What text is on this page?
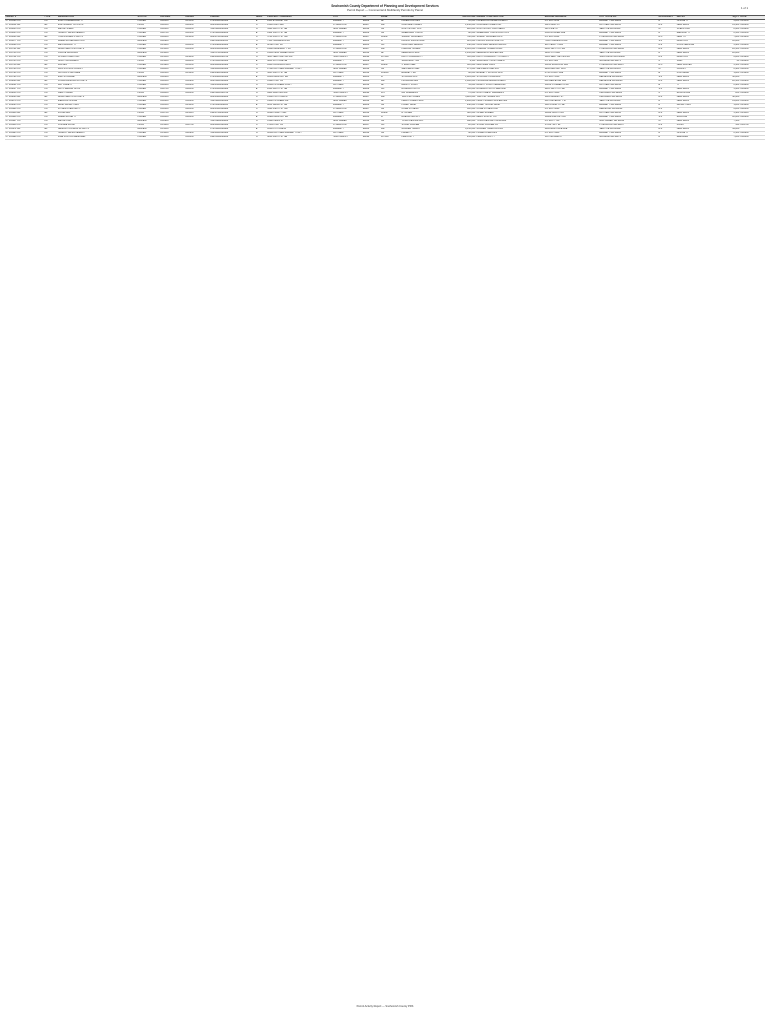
Snohomish County Department of Planning and Development Services
Permit Report — Commercial & Multifamily Permits by Parcel
1 of 1
PERMIT #	TYPE	DESCRIPTION	STATUS	APPLIED	ISSUED	PARCEL	AREA	PROPERTY ADDRESS	CITY	ZIP	ZONE	APPLICANT	VALUATION	OWNER / CONTRACTOR	MAILING ADDRESS	CITY STATE ZIP	OCCUPANCY	NOTES	SQ FT	DATE
07 101598 CO	CO	MISC COMMERCIAL TI	ISSUED	02/04/07	03/15/07	27050400100100	E	2930 E VALLEY RD	EVERETT	98208	BP	LAKEWOOD DEV	65,000	LAKEWOOD DEVELOPMENT	PO BOX 1120	EVERETT WA 98206	B	OFFICE TI	3,200	03/15/07
07 101612 MF	MF	MULTIFAMILY 12 UNITS	FINAL	02/05/07	04/02/07	28052200300400	S	15610 ASH WAY	LYNNWOOD	98087	MR	CASCADE HOMES	1,240,000	CASCADE HOMES INC	1815 MAIN ST	BOTHELL WA 98011	R-2	NEW BLDG	14,400	04/02/07
07 101633 CO	CO	RETAIL SHELL	ISSUED	02/06/07	03/28/07	31051800200300	N	4120 128TH ST SE	MILL CREEK	98012	CB	NORTHPOINT LLC	420,000	NORTHPOINT PARTNERS	520 PIKE ST	SEATTLE WA 98101	M	SHELL ONLY	8,600	03/28/07
07 101645 CO	CO	TENANT IMPROVEMENT	ISSUED	02/07/07	03/01/07	27051000400200	E	1902 100TH ST SE	EVERETT	98208	CB	GREENWAY CONST	88,000	GREENWAY CONSTRUCTION	3300 RUCKER AVE	EVERETT WA 98201	B	MEDICAL TI	2,450	03/01/07
07 101660 MF	MF	TOWNHOMES 6 UNITS	ISSUED	02/08/07	04/10/07	28052700100500	S	3710 164TH ST SW	LYNNWOOD	98087	LDMR	SUMMIT BUILDERS	780,000	SUMMIT BUILDERS LLC	PO BOX 2244	LYNNWOOD WA 98036	R-3	NEW TH	7,800	04/10/07
07 101677 CO	CO	WAREHOUSE ADDITION	REVIEW	02/09/07		29051100300100	N	7300 HARDESON RD	EVERETT	98203	LI	PACIFIC INDUSTRIAL	615,000	PACIFIC INDUSTRIAL CO	7300 HARDESON RD	EVERETT WA 98203	S-1	ADDITION	12,000	
07 101689 CO	CO	RESTAURANT TI	ISSUED	02/12/07	03/20/07	27050900200600	E	11526 HWY 99	EVERETT	98204	GC	ORCHARD DESIGN	142,000	ORCHARD DESIGN GROUP	910 HEWITT AVE	EVERETT WA 98201	A-2	FOOD SERVICE	3,900	03/20/07
07 101701 MF	MF	APARTMENTS 24 UNITS	ISSUED	02/13/07	05/01/07	28052100400300	S	14320 ADMIRALTY WY	LYNNWOOD	98087	MR	HARBOR HOMES	2,310,000	HARBOR HOMES CORP	4400 196TH ST SW	LYNNWOOD WA 98036	R-2	NEW BLDG	26,500	05/01/07
07 101718 CO	CO	OFFICE BUILDING	REVIEW	02/14/07		31051700100200	N	13000 MILL CREEK BLVD	MILL CREEK	98012	BP	MERIDIAN PROP	1,950,000	MERIDIAN PROPERTIES	1200 5TH AVE	SEATTLE WA 98101	B	NEW BLDG	22,000	
07 101732 CO	CO	CHURCH ADDITION	ISSUED	02/15/07	04/18/07	29052600300700	N	5805 SEATTLE HILL RD	SNOHOMISH	98296	R-7200	FAITH COMMUNITY	510,000	FAITH COMMUNITY CHURCH	5805 SEATTLE HILL RD	SNOHOMISH WA 98296	A-3	ADDITION	6,800	04/18/07
07 101745 CO	CO	SIGN - MONUMENT	FINAL	02/16/07	02/28/07	27051500100300	E	9600 19TH AVE SE	EVERETT	98208	CB	SIGNCRAFT NW	9,500	SIGNCRAFT NORTHWEST	PO BOX 880	MONROE WA 98272	U	SIGN	40	02/28/07
07 101759 MF	MF	DUPLEX	ISSUED	02/19/07	03/30/07	28052800200400	S	16815 BOWDOIN WAY	LYNNWOOD	98087	LDMR	J. MARTINEZ	310,000	MARTINEZ JUAN	16815 BOWDOIN WAY	LYNNWOOD WA 98087	R-3	NEW DUPLEX	3,100	03/30/07
07 101766 CO	CO	GAS STATION CANOPY	ISSUED	02/20/07	04/05/07	31052000400100	N	17520 BOTHELL EVERETT HWY	MILL CREEK	98012	CB	WESTERN FUEL	175,000	WESTERN FUEL INC	2200 AIRPORT WAY	SEATTLE WA 98134	M	CANOPY	2,400	04/05/07
07 101780 CO	CO	SCHOOL PORTABLE	FINAL	02/21/07	03/12/07	29052900100200	N	4415 180TH ST SE	BOTHELL	98012	R-9600	EVERETT SD	96,000	EVERETT SCHOOL DIST	4730 COLBY AVE	EVERETT WA 98203	E	PORTABLE	1,800	03/12/07
07 101794 CO	CO	MINI STORAGE	REVIEW	02/22/07		27052200300500	E	10430 AIRPORT RD	EVERETT	98204	LI	STOR-ALL LLC	1,120,000	STOR-ALL HOLDINGS	PO BOX 5510	BELLEVUE WA 98006	S-1	NEW BLDG	32,000	
07 101808 MF	MF	CONDOMINIUMS 18 UNITS	ISSUED	02/23/07	05/09/07	28051600100600	S	13220 HWY 99	EVERETT	98204	MR	PINNACLE DEV	1,860,000	PINNACLE DEVELOPMENT	800 BELLEVUE WAY	BELLEVUE WA 98004	R-2	NEW BLDG	20,100	05/09/07
07 101821 CO	CO	DAY CARE TI	ISSUED	02/26/07	03/22/07	31052100200300	N	16100 N CREEK PKWY	BOTHELL	98012	BP	BRIGHT START	54,000	BRIGHT START LEARNING	16100 N CREEK PKWY	BOTHELL WA 98012	E	TI	2,900	03/22/07
07 101837 CO	CO	AUTO REPAIR SHOP	ISSUED	02/27/07	04/20/07	27050300400400	E	2410 128TH ST SE	EVERETT	98208	GC	ROADWAY AUTO	365,000	ROADWAY AUTO SERVICE	2410 128TH ST SE	EVERETT WA 98208	S-1	NEW BLDG	5,600	04/20/07
07 101850 CO	CO	CELL TOWER	FINAL	02/28/07	03/26/07	29051400100700	N	8900 MACHIAS RD	SNOHOMISH	98290	R-5	NW WIRELESS	72,000	NORTHWEST WIRELESS	PO BOX 3300	KIRKLAND WA 98083	U	MONOPOLE	200	03/26/07
07 101866 MF	MF	APARTMENTS 36 UNITS	REVIEW	03/01/07		28052200400800	S	15020 35TH AVE W	LYNNWOOD	98087	MR	TALL FIR HOMES	3,420,000	TALL FIR HOMES LLC	1010 MARKET ST	KIRKLAND WA 98033	R-2	NEW BLDG	38,600	
07 101879 CO	CO	MEDICAL OFFICE	ISSUED	03/02/07	05/02/07	31051800300100	N	14020 N CREEK DR	MILL CREEK	98012	BP	HEALTHCARE PROP	1,280,000	HEALTHCARE PROPERTIES	600 UNIVERSITY ST	SEATTLE WA 98101	B	NEW BLDG	14,800	05/02/07
07 101893 CO	CO	BANK DRIVE-THRU	ISSUED	03/05/07	04/16/07	27051100100200	E	1110 132ND ST SE	EVERETT	98208	CB	PUGET BANK	240,000	PUGET SOUND BANK	1110 132ND ST SE	EVERETT WA 98208	B	DRIVE-THRU	1,200	04/16/07
07 101904 CO	CO	FITNESS CENTER TI	ISSUED	03/06/07	04/03/07	28052100100900	S	3520 148TH ST SW	LYNNWOOD	98087	CB	CORE FITNESS	118,000	CORE FITNESS INC	PO BOX 6620	REDMOND WA 98052	A-3	TI	6,200	04/03/07
07 101918 MF	MF	FOURPLEX	FINAL	03/07/07	04/11/07	29052700200500	N	18620 NORTH RD	BOTHELL	98012	LDMR	R. OLSEN	520,000	OLSEN ROBERT	18620 NORTH RD	BOTHELL WA 98012	R-2	NEW BLDG	5,400	04/11/07
07 101930 CO	CO	WAREHOUSE TI	ISSUED	03/08/07	04/06/07	27052300400600	E	10900 AIRPORT RD	EVERETT	98204	LI	BOEING SUPPLY	210,000	AERO SUPPLY CO	10900 AIRPORT RD	EVERETT WA 98204	S-1	RACKING	18,000	04/06/07
07 101947 CO	CO	RETAIL PAD	REVIEW	03/09/07		31051900200800	N	15220 MAIN ST	MILL CREEK	98012	CB	TOWN CENTER LLC	690,000	TOWN CENTER HOLDINGS	PO BOX 7700	MILL CREEK WA 98012	M	NEW BLDG	7,500	
07 101958 CO	CO	COFFEE KIOSK	FINAL	03/12/07	03/27/07	28052800100100	S	17030 HWY 99	LYNNWOOD	98037	GC	STAND COFFEE	28,000	STAND COFFEE CO	17030 HWY 99	LYNNWOOD WA 98037	A-2	KIOSK	120	03/27/07
07 101972 MF	MF	SENIOR HOUSING 40 UNITS	REVIEW	03/13/07		27051400300900	E	12305 4TH AVE W	EVERETT	98204	MR	GOLDEN YEARS	4,150,000	GOLDEN YEARS LIVING	2900 EASTLAKE AVE	SEATTLE WA 98102	R-2	NEW BLDG	44,000	
07 101985 CO	CO	TENANT IMPROVEMENT	ISSUED	03/14/07	04/09/07	31052000100400	N	18300 BOTHELL EVERETT HWY	BOTHELL	98012	CB	PRIME TI	62,000	PRIME INTERIORS	PO BOX 4100	EVERETT WA 98206	B	OFFICE TI	2,100	04/09/07
07 101999 CO	CO	FIRE STATION REMODEL	ISSUED	03/15/07	05/04/07	29051500200200	N	9010 180TH ST SE	SNOHOMISH	98296	R-7200	FIRE DIST 7	455,000	FIRE DISTRICT 7	163 VILLAGE CT	MONROE WA 98272	B	REMODEL	7,200	05/04/07
Permit Activity Report — Snohomish County PDS
